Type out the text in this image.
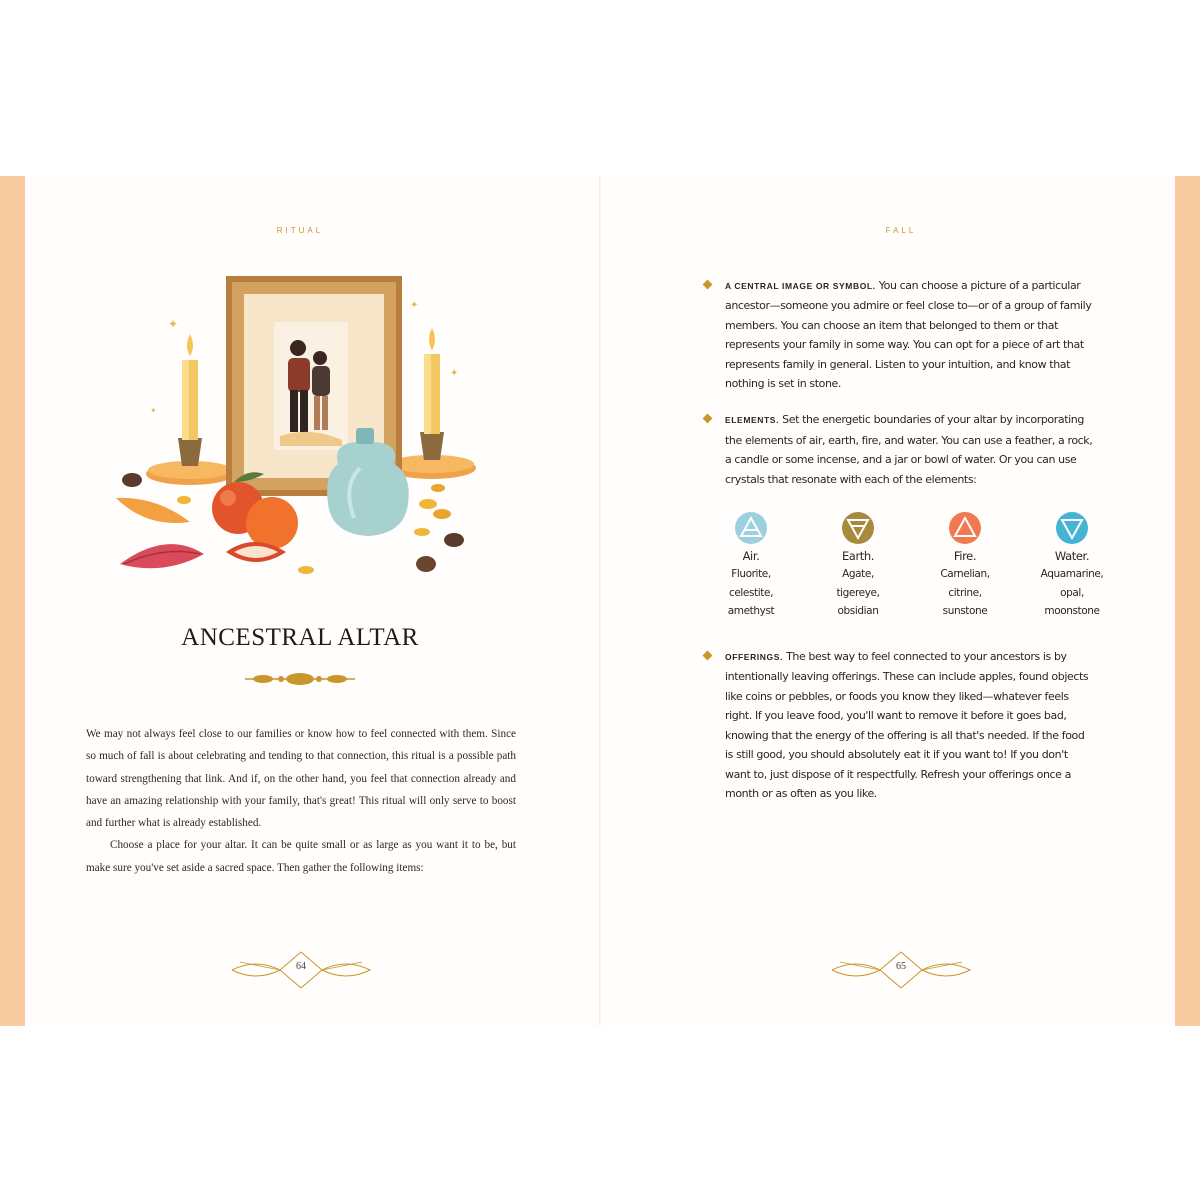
RITUAL
✦
✦
✦
✦
ANCESTRAL ALTAR

We may not always feel close to our families or know how to feel connected with them. Since so much of fall is about celebrating and tending to that connection, this ritual is a possible path toward strengthening that link. And if, on the other hand, you feel that connection already and have an amazing relationship with your family, that's great! This ritual will only serve to boost and further what is already established.

Choose a place for your altar. It can be quite small or as large as you want it to be, but make sure you've set aside a sacred space. Then gather the following items:

64
FALL
A CENTRAL IMAGE OR SYMBOL. You can choose a picture of a particular ancestor—someone you admire or feel close to—or of a group of family members. You can choose an item that belonged to them or that represents your family in some way. You can opt for a piece of art that represents family in general. Listen to your intuition, and know that nothing is set in stone.
ELEMENTS. Set the energetic boundaries of your altar by incorporating the elements of air, earth, fire, and water. You can use a feather, a rock, a candle or some incense, and a jar or bowl of water. Or you can use crystals that resonate with each of the elements:
OFFERINGS. The best way to feel connected to your ancestors is by intentionally leaving offerings. These can include apples, found objects like coins or pebbles, or foods you know they liked—whatever feels right. If you leave food, you'll want to remove it before it goes bad, knowing that the energy of the offering is all that's needed. If the food is still good, you should absolutely eat it if you want to! If you don't want to, just dispose of it respectfully. Refresh your offerings once a month or as often as you like.
Air.
Fluorite,
celestite,
amethyst
Earth.
Agate,
tigereye,
obsidian
Fire.
Carnelian,
citrine,
sunstone
Water.
Aquamarine,
opal,
moonstone
65
